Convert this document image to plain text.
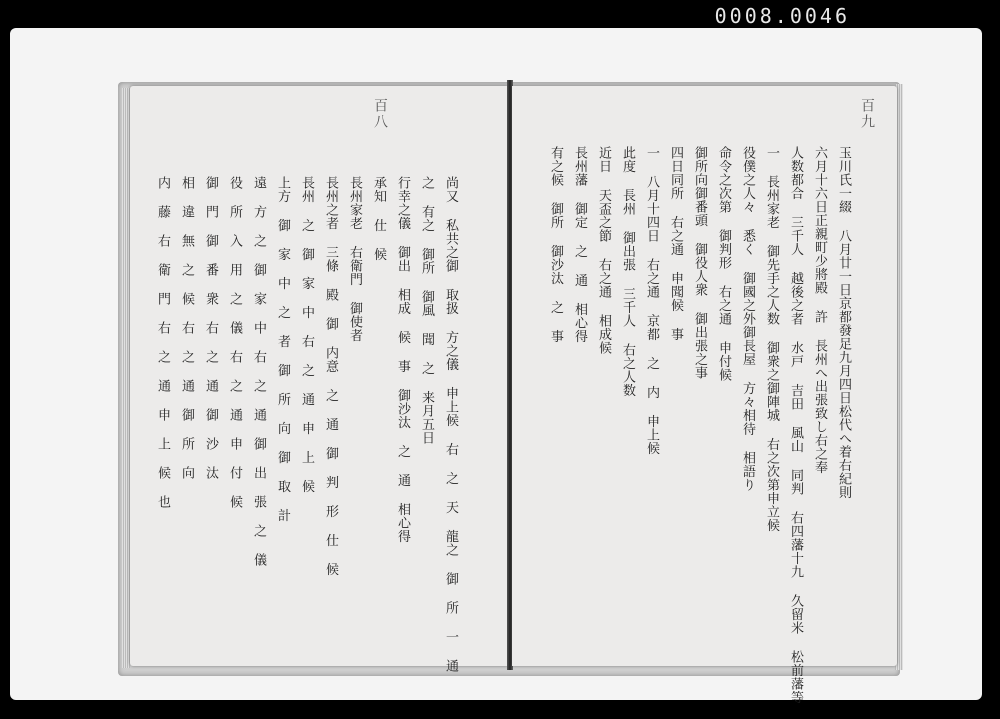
0008.0046
百八
尚又 私共之御 取扱 方之儀 申上候 右 之 天 龍之 御 所 一 通
之 有之 御所 御風 聞 之 来月五日
行幸之儀 御出 相成 候 事 御沙汰 之 通 相心得
承知 仕 候
長州家老 右衛門 御使者
長州之者 三條 殿 御 内意 之 通 御 判 形 仕 候
長州 之 御 家 中 右 之 通 申 上 候
上方 御 家 中 之 者 御 所 向 御 取 計
遠 方 之 御 家 中 右 之 通 御 出 張 之 儀
役 所 入 用 之 儀 右 之 通 申 付 候
御 門 御 番 衆 右 之 通 御 沙 汰
相 違 無 之 候 右 之 通 御 所 向
内 藤 右 衛 門 右 之 通 申 上 候 也
百九
玉川氏一綴 八月廿一日京都發足九月四日松代へ着右紀則
六月十六日正親町少將殿 許 長州へ出張致し右之奉
人数都合 三千人 越後之者 水戸 吉田 風山 同判 右四藩十九 久留米 松前藩等
一 長州家老 御先手之人数 御衆之御陣城 右之次第申立候
役僕之人々 悉く 御國之外御長屋 方々相待 相語り
命令之次第 御判形 右之通 申付候
御所向御番頭 御役人衆 御出張之事
四日同所 右之通 申聞候 事
一 八月十四日 右之通 京都 之 内 申上候
此度 長州 御出張 三千人 右之人数
近日 天盃之節 右之通 相成候
長州藩 御定 之 通 相心得
有之候 御所 御沙汰 之 事
